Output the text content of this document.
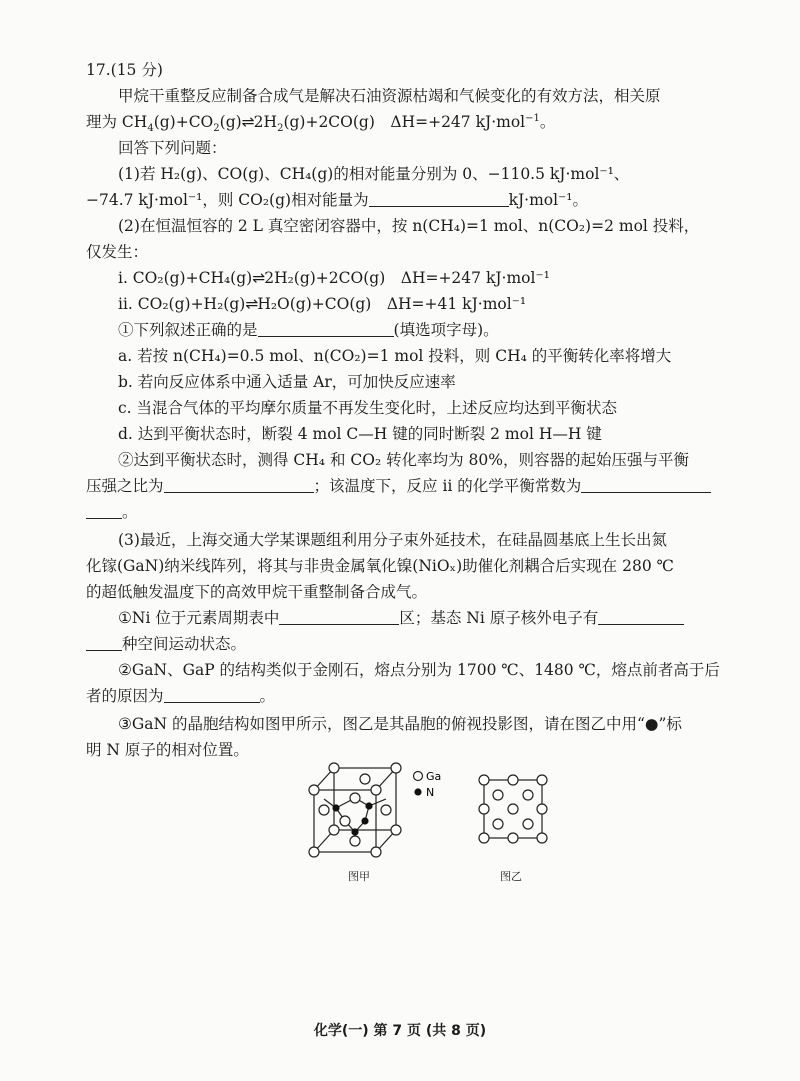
17.(15 分)
甲烷干重整反应制备合成气是解决石油资源枯竭和气候变化的有效方法，相关原
理为 $CH_4(g)+CO_2(g)\rightleftharpoons 2H_2(g)+2CO(g)$　ΔH=+247 kJ·mol$^{-1}$。
回答下列问题：
(1)若 H₂(g)、CO(g)、CH₄(g)的相对能量分别为 0、−110.5 kJ·mol⁻¹、
−74.7 kJ·mol⁻¹，则 CO₂(g)相对能量为	kJ·mol⁻¹。
(2)在恒温恒容的 2 L 真空密闭容器中，按 n(CH₄)=1 mol、n(CO₂)=2 mol 投料，
仅发生：
ⅰ. CO₂(g)+CH₄(g)⇌2H₂(g)+2CO(g)　ΔH=+247 kJ·mol⁻¹
ⅱ. CO₂(g)+H₂(g)⇌H₂O(g)+CO(g)　ΔH=+41 kJ·mol⁻¹
①下列叙述正确的是	(填选项字母)。
a. 若按 n(CH₄)=0.5 mol、n(CO₂)=1 mol 投料，则 CH₄ 的平衡转化率将增大
b. 若向反应体系中通入适量 Ar，可加快反应速率
c. 当混合气体的平均摩尔质量不再发生变化时，上述反应均达到平衡状态
d. 达到平衡状态时，断裂 4 mol C—H 键的同时断裂 2 mol H—H 键
②达到平衡状态时，测得 CH₄ 和 CO₂ 转化率均为 80%，则容器的起始压强与平衡
压强之比为	；该温度下，反应 ⅱ 的化学平衡常数为
。
(3)最近，上海交通大学某课题组利用分子束外延技术，在硅晶圆基底上生长出氮
化镓(GaN)纳米线阵列，将其与非贵金属氧化镍(NiOₓ)助催化剂耦合后实现在 280 ℃
的超低触发温度下的高效甲烷干重整制备合成气。
①Ni 位于元素周期表中	区；基态 Ni 原子核外电子有
种空间运动状态。
②GaN、GaP 的结构类似于金刚石，熔点分别为 1700 ℃、1480 ℃，熔点前者高于后
者的原因为	。
③GaN 的晶胞结构如图甲所示，图乙是其晶胞的俯视投影图，请在图乙中用“●”标
明 N 原子的相对位置。
Ga
N
图甲	图乙
化学(一) 第 7 页 (共 8 页)
